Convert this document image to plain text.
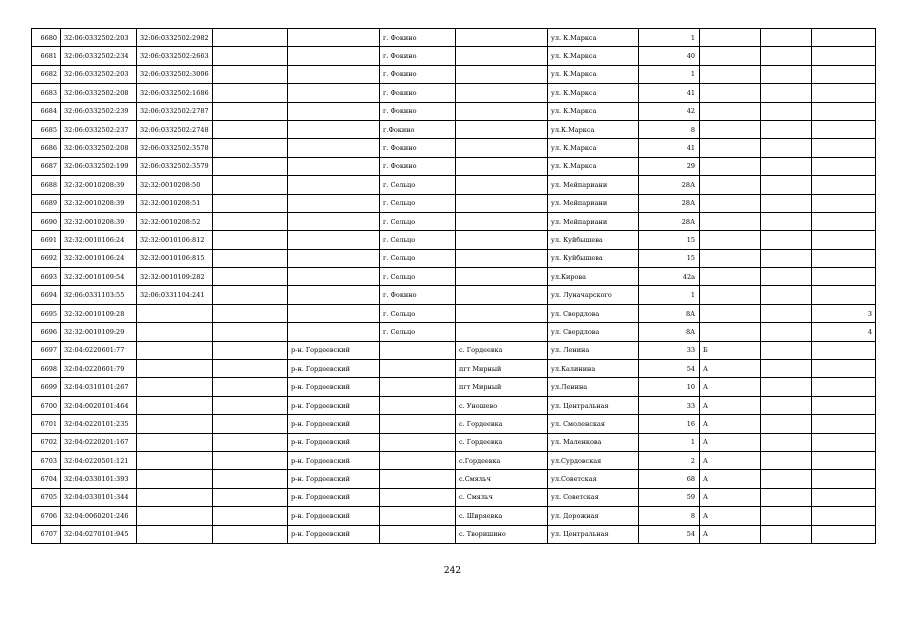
6680	32:06:0332502:203	32:06:0332502:2982			г. Фокино		ул. К.Маркса	1			
6681	32:06:0332502:234	32:06:0332502:2663			г. Фокино		ул. К.Маркса	40			
6682	32:06:0332502:203	32:06:0332502:3006			г. Фокино		ул. К.Маркса	1			
6683	32:06:0332502:208	32:06:0332502:1686			г. Фокино		ул. К.Маркса	41			
6684	32:06:0332502:239	32:06:0332502:2787			г. Фокино		ул. К.Маркса	42			
6685	32:06:0332502:237	32:06:0332502:2748			г.Фокино		ул.К.Маркса	8			
6686	32:06:0332502:208	32:06:0332502:3578			г. Фокино		ул. К.Маркса	41			
6687	32:06:0332502:199	32:06:0332502:3579			г. Фокино		ул. К.Маркса	29			
6688	32:32:0010208:39	32:32:0010208:50			г. Сельцо		ул. Мейпариани	28А			
6689	32:32:0010208:39	32:32:0010208:51			г. Сельцо		ул. Мейпариани	28А			
6690	32:32:0010208:39	32:32:0010208:52			г. Сельцо		ул. Мейпариани	28А			
6691	32:32:0010106:24	32:32:0010106:812			г. Сельцо		ул. Куйбышева	15			
6692	32:32:0010106:24	32:32:0010106:815			г. Сельцо		ул. Куйбышева	15			
6693	32:32:0010109:54	32:32:0010109:282			г. Сельцо		ул.Кирова	42а			
6694	32:06:0331103:55	32:06:0331104:241			г. Фокино		ул. Луначарского	1			
6695	32:32:0010109:28				г. Сельцо		ул. Свердлова	8А			3
6696	32:32:0010109:29				г. Сельцо		ул. Свердлова	8А			4
6697	32:04:0220601:77			р-н. Гордеевский		с. Гордеевка	ул. Ленина	33	Б		
6698	32:04:0220601:79			р-н. Гордеевский		пгт Мирный	ул.Калинина	54	А		
6699	32:04:0310101:267			р-н. Гордеевский		пгт Мирный	ул.Ленина	10	А		
6700	32:04:0020101:464			р-н. Гордеевский		с. Уношево	ул. Центральная	33	А		
6701	32:04:0220101:235			р-н. Гордеевский		с. Гордеевка	ул. Смоленская	16	А		
6702	32:04:0220201:167			р-н. Гордеевский		с. Гордеевка	ул. Маленкова	1	А		
6703	32:04:0220501:121			р-н. Гордеевский		с.Гордеевка	ул.Сурдовская	2	А		
6704	32:04:0330101:393			р-н. Гордеевский		с.Смяльч	ул.Советская	68	А		
6705	32:04:0330101:344			р-н. Гордеевский		с. Смяльч	ул. Советская	59	А		
6706	32:04:0060201:246			р-н. Гордеевский		с. Ширяевка	ул. Дорожная	8	А		
6707	32:04:0270101:945			р-н. Гордеевский		с. Творишино	ул. Центральная	54	А		
242
